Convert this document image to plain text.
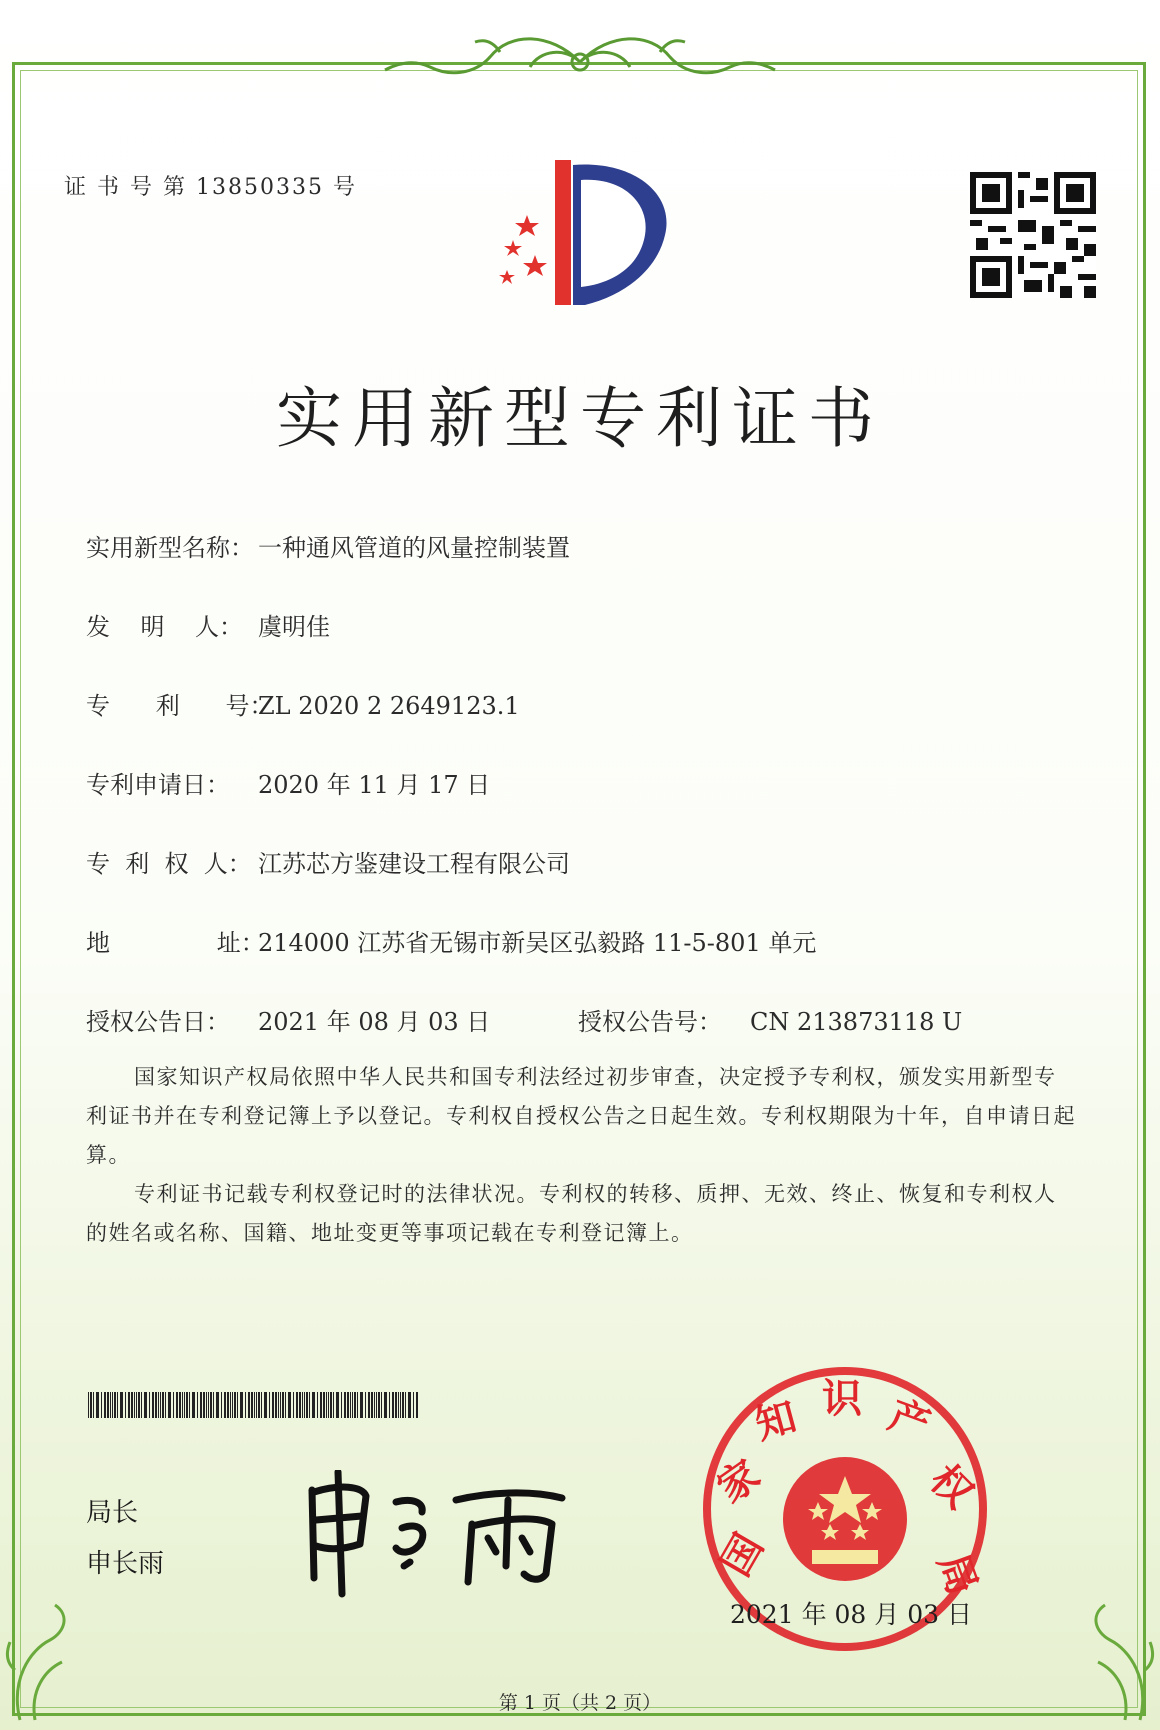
证 书 号 第 13850335 号
实用新型专利证书
实用新型名称： 一种通风管道的风量控制装置
发    明    人： 虞明佳
专      利      号：ZL 2020 2 2649123.1
专利申请日： 2020 年 11 月 17 日
专  利  权  人： 江苏芯方鉴建设工程有限公司
地              址：214000 江苏省无锡市新吴区弘毅路 11-5-801 单元
授权公告日： 2021 年 08 月 03 日	授权公告号： CN 213873118 U
国家知识产权局依照中华人民共和国专利法经过初步审查，决定授予专利权，颁发实用新型专利证书并在专利登记簿上予以登记。专利权自授权公告之日起生效。专利权期限为十年，自申请日起算。
专利证书记载专利权登记时的法律状况。专利权的转移、质押、无效、终止、恢复和专利权人的姓名或名称、国籍、地址变更等事项记载在专利登记簿上。
局长
申长雨	国
家
知 识 产
权
局
2021 年 08 月 03 日
第 1 页（共 2 页）
